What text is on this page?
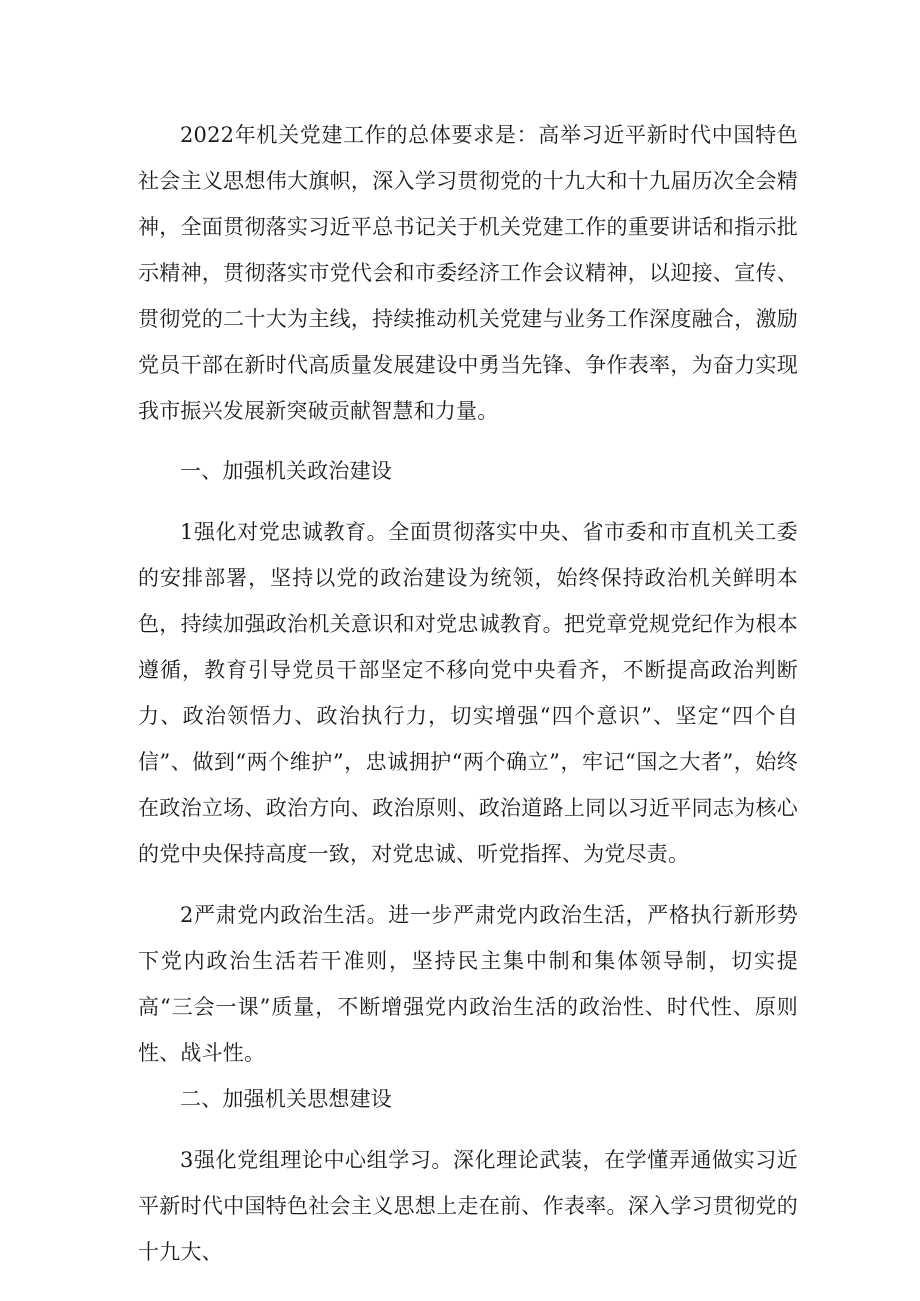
2022年机关党建工作的总体要求是：高举习近平新时代中国特色社会主义思想伟大旗帜，深入学习贯彻党的十九大和十九届历次全会精神，全面贯彻落实习近平总书记关于机关党建工作的重要讲话和指示批示精神，贯彻落实市党代会和市委经济工作会议精神，以迎接、宣传、贯彻党的二十大为主线，持续推动机关党建与业务工作深度融合，激励党员干部在新时代高质量发展建设中勇当先锋、争作表率，为奋力实现我市振兴发展新突破贡献智慧和力量。

一、加强机关政治建设

1强化对党忠诚教育。全面贯彻落实中央、省市委和市直机关工委的安排部署，坚持以党的政治建设为统领，始终保持政治机关鲜明本色，持续加强政治机关意识和对党忠诚教育。把党章党规党纪作为根本遵循，教育引导党员干部坚定不移向党中央看齐，不断提高政治判断力、政治领悟力、政治执行力，切实增强“四个意识”、坚定“四个自信”、做到“两个维护”，忠诚拥护“两个确立”，牢记“国之大者”，始终在政治立场、政治方向、政治原则、政治道路上同以习近平同志为核心的党中央保持高度一致，对党忠诚、听党指挥、为党尽责。

2严肃党内政治生活。进一步严肃党内政治生活，严格执行新形势下党内政治生活若干准则，坚持民主集中制和集体领导制，切实提高“三会一课”质量，不断增强党内政治生活的政治性、时代性、原则性、战斗性。

二、加强机关思想建设

3强化党组理论中心组学习。深化理论武装，在学懂弄通做实习近平新时代中国特色社会主义思想上走在前、作表率。深入学习贯彻党的十九大、
